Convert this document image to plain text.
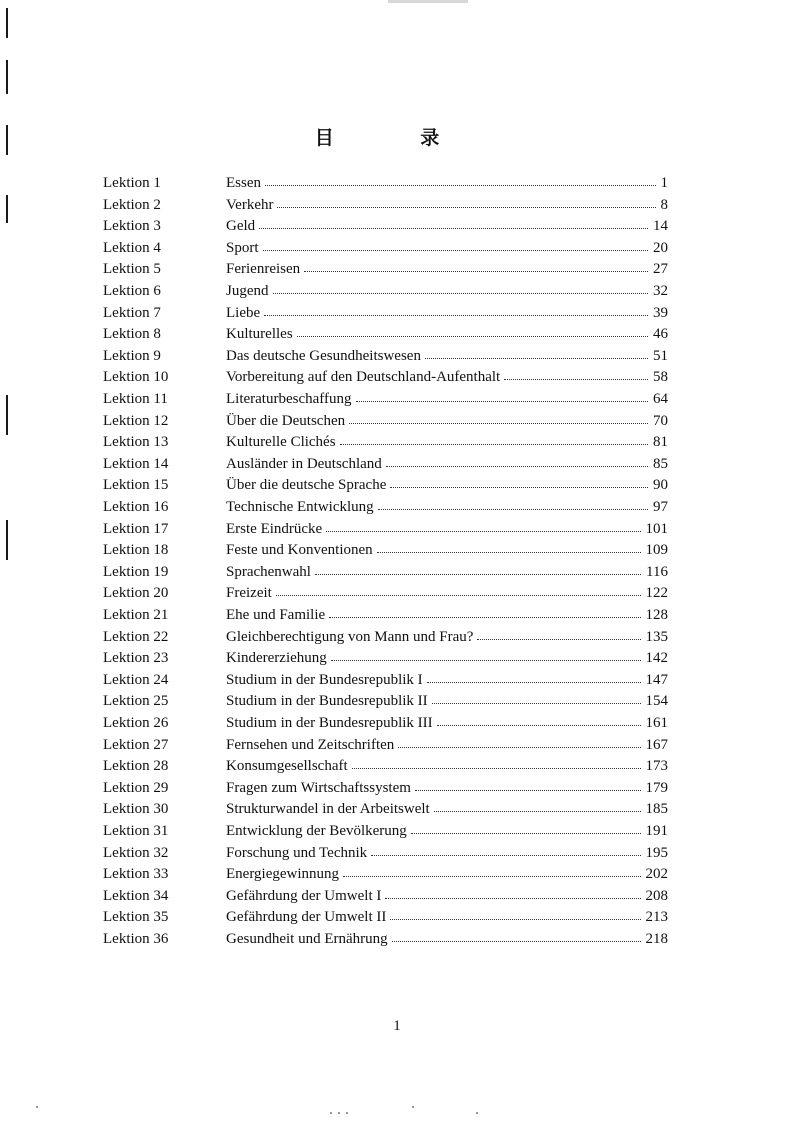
目 录
Lektion 1	Essen	1
Lektion 2	Verkehr	8
Lektion 3	Geld	14
Lektion 4	Sport	20
Lektion 5	Ferienreisen	27
Lektion 6	Jugend	32
Lektion 7	Liebe	39
Lektion 8	Kulturelles	46
Lektion 9	Das deutsche Gesundheitswesen	51
Lektion 10	Vorbereitung auf den Deutschland-Aufenthalt	58
Lektion 11	Literaturbeschaffung	64
Lektion 12	Über die Deutschen	70
Lektion 13	Kulturelle Clichés	81
Lektion 14	Ausländer in Deutschland	85
Lektion 15	Über die deutsche Sprache	90
Lektion 16	Technische Entwicklung	97
Lektion 17	Erste Eindrücke	101
Lektion 18	Feste und Konventionen	109
Lektion 19	Sprachenwahl	116
Lektion 20	Freizeit	122
Lektion 21	Ehe und Familie	128
Lektion 22	Gleichberechtigung von Mann und Frau?	135
Lektion 23	Kindererziehung	142
Lektion 24	Studium in der Bundesrepublik I	147
Lektion 25	Studium in der Bundesrepublik II	154
Lektion 26	Studium in der Bundesrepublik III	161
Lektion 27	Fernsehen und Zeitschriften	167
Lektion 28	Konsumgesellschaft	173
Lektion 29	Fragen zum Wirtschaftssystem	179
Lektion 30	Strukturwandel in der Arbeitswelt	185
Lektion 31	Entwicklung der Bevölkerung	191
Lektion 32	Forschung und Technik	195
Lektion 33	Energiegewinnung	202
Lektion 34	Gefährdung der Umwelt I	208
Lektion 35	Gefährdung der Umwelt II	213
Lektion 36	Gesundheit und Ernährung	218
1
